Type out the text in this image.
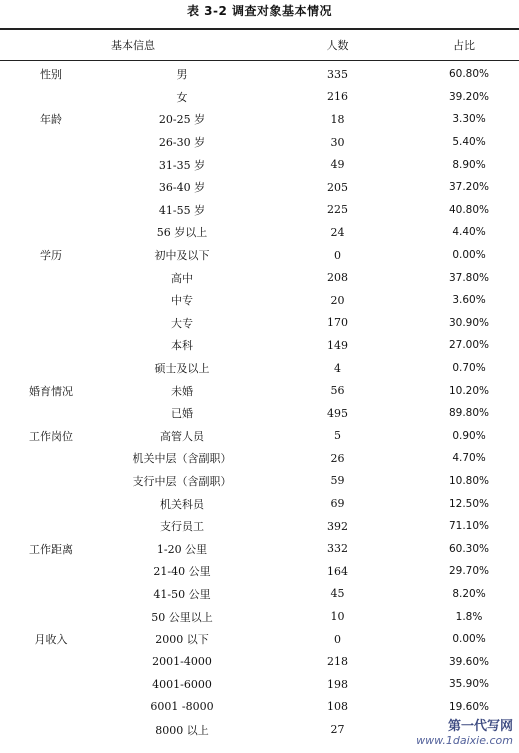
表 3-2 调查对象基本情况
基本信息		人数	占比
性别	男	335	60.80%
	女	216	39.20%
年龄	20-25 岁	18	3.30%
	26-30 岁	30	5.40%
	31-35 岁	49	8.90%
	36-40 岁	205	37.20%
	41-55 岁	225	40.80%
	56 岁以上	24	4.40%
学历	初中及以下	0	0.00%
	高中	208	37.80%
	中专	20	3.60%
	大专	170	30.90%
	本科	149	27.00%
	硕士及以上	4	0.70%
婚育情况	未婚	56	10.20%
	已婚	495	89.80%
工作岗位	高管人员	5	0.90%
	机关中层（含副职）	26	4.70%
	支行中层（含副职）	59	10.80%
	机关科员	69	12.50%
	支行员工	392	71.10%
工作距离	1-20 公里	332	60.30%
	21-40 公里	164	29.70%
	41-50 公里	45	8.20%
	50 公里以上	10	1.8%
月收入	2000 以下	0	0.00%
	2001-4000	218	39.60%
	4001-6000	198	35.90%
	6001 -8000	108	19.60%
	8000 以上	27		第一代写网
www.1daixie.com
